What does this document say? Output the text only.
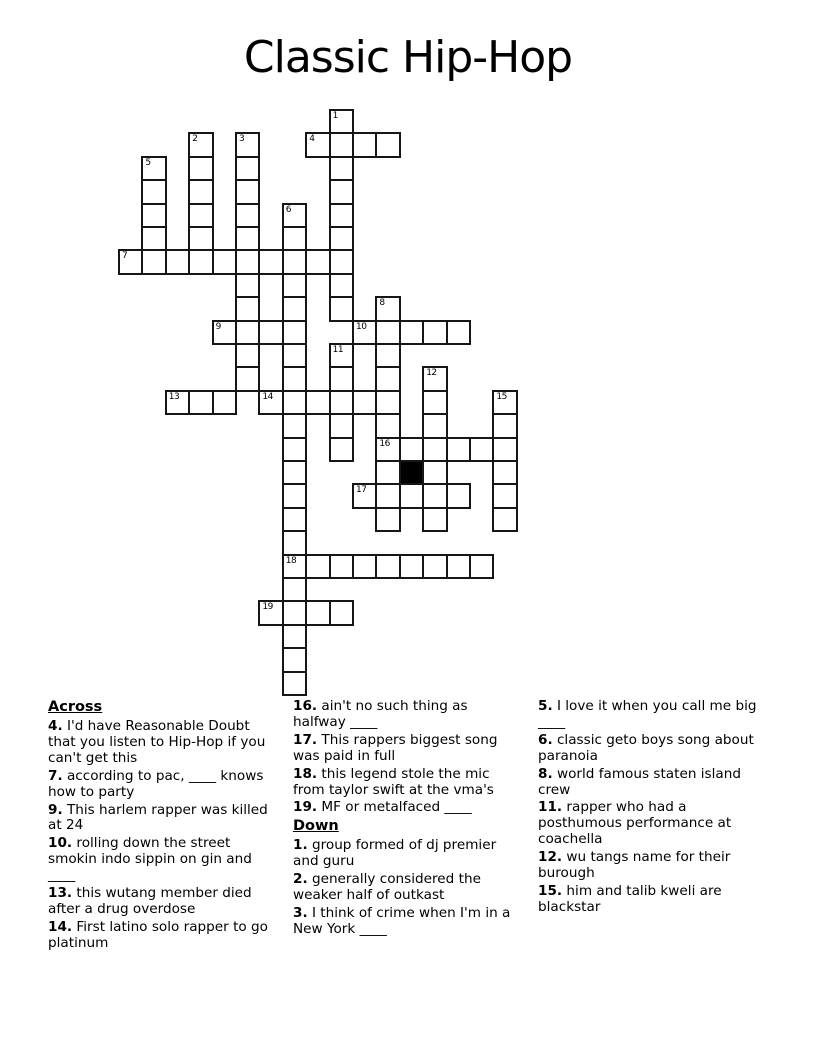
Classic Hip-Hop
1
2	3	4
5
6
7
8
9	10
11
12
13	14	15
16
17
18
19
Across
4. I'd have Reasonable Doubt that you listen to Hip-Hop if you can't get this
7. according to pac, ____ knows how to party
9. This harlem rapper was killed at 24
10. rolling down the street smokin indo sippin on gin and ____
13. this wutang member died after a drug overdose
14. First latino solo rapper to go platinum
16. ain't no such thing as halfway ____
17. This rappers biggest song was paid in full
18. this legend stole the mic from taylor swift at the vma's
19. MF or metalfaced ____
Down
1. group formed of dj premier and guru
2. generally considered the weaker half of outkast
3. I think of crime when I'm in a New York ____
5. I love it when you call me big ____
6. classic geto boys song about paranoia
8. world famous staten island crew
11. rapper who had a posthumous performance at coachella
12. wu tangs name for their burough
15. him and talib kweli are blackstar
